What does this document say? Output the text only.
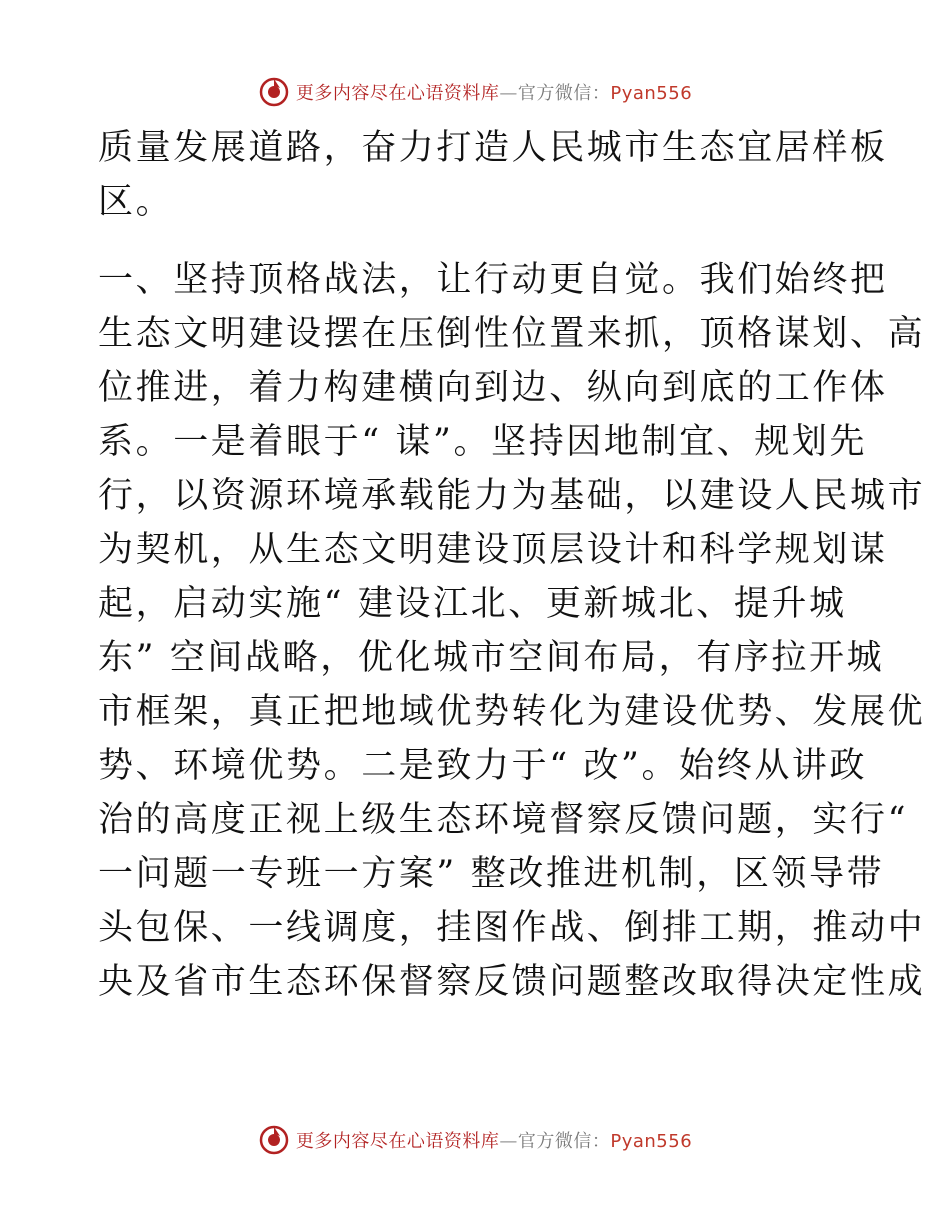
更多内容尽在心语资料库—官方微信：Pyan556
质量发展道路，奋力打造人民城市生态宜居样板
区。
一、坚持顶格战法，让行动更自觉。我们始终把
生态文明建设摆在压倒性位置来抓，顶格谋划、高
位推进，着力构建横向到边、纵向到底的工作体
系。一是着眼于“ 谋”。坚持因地制宜、规划先
行，以资源环境承载能力为基础，以建设人民城市
为契机，从生态文明建设顶层设计和科学规划谋
起，启动实施“ 建设江北、更新城北、提升城
东” 空间战略，优化城市空间布局，有序拉开城
市框架，真正把地域优势转化为建设优势、发展优
势、环境优势。二是致力于“ 改”。始终从讲政
治的高度正视上级生态环境督察反馈问题，实行“
一问题一专班一方案” 整改推进机制，区领导带
头包保、一线调度，挂图作战、倒排工期，推动中
央及省市生态环保督察反馈问题整改取得决定性成
更多内容尽在心语资料库—官方微信：Pyan556
